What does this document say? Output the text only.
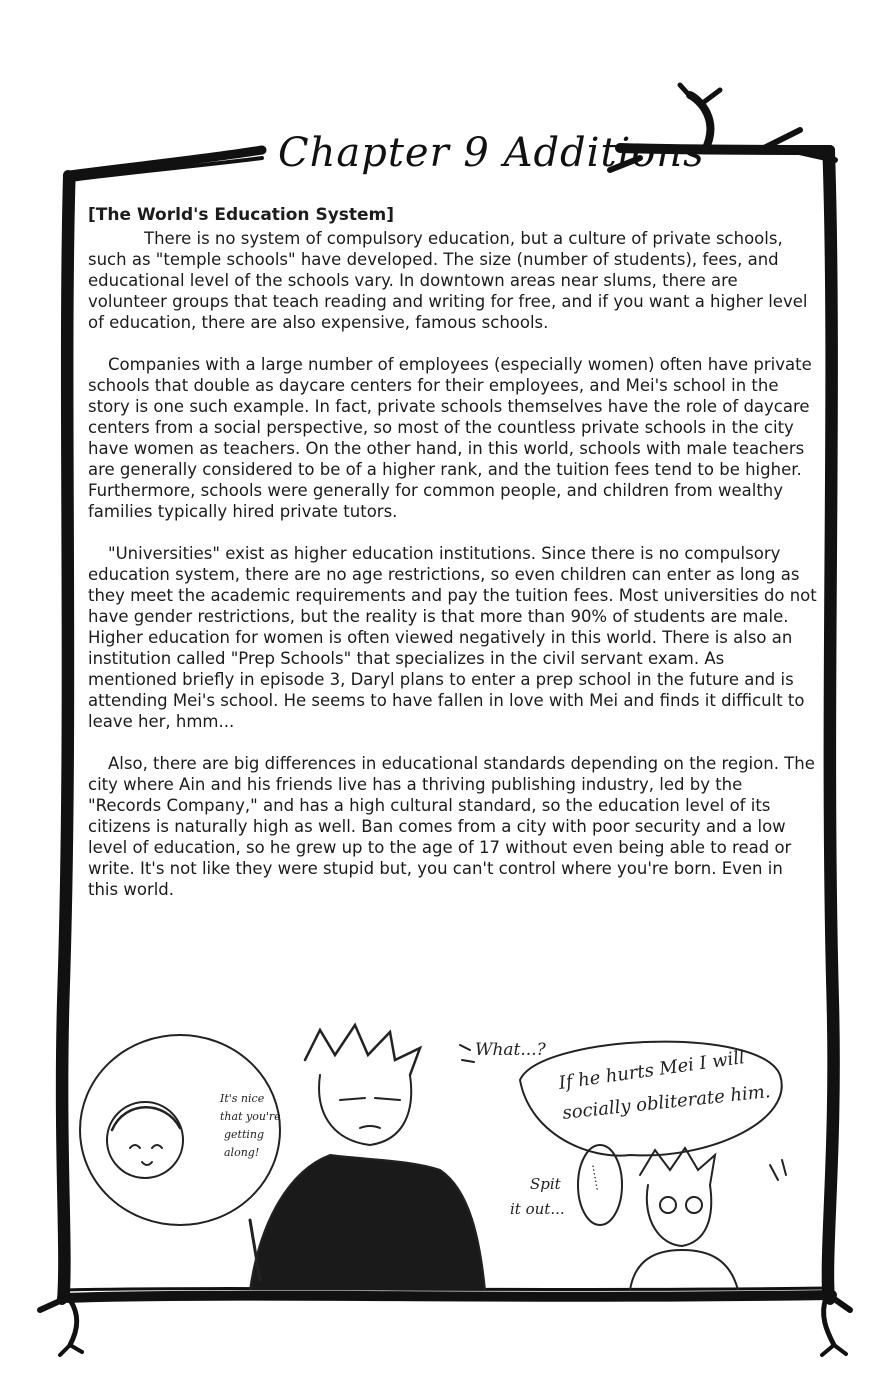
Chapter 9 Additions
[The World's Education System]

There is no system of compulsory education, but a culture of private schools, such as "temple schools" have developed. The size (number of students), fees, and educational level of the schools vary. In downtown areas near slums, there are volunteer groups that teach reading and writing for free, and if you want a higher level of education, there are also expensive, famous schools.

Companies with a large number of employees (especially women) often have private schools that double as daycare centers for their employees, and Mei's school in the story is one such example. In fact, private schools themselves have the role of daycare centers from a social perspective, so most of the countless private schools in the city have women as teachers. On the other hand, in this world, schools with male teachers are generally considered to be of a higher rank, and the tuition fees tend to be higher. Furthermore, schools were generally for common people, and children from wealthy families typically hired private tutors.

"Universities" exist as higher education institutions. Since there is no compulsory education system, there are no age restrictions, so even children can enter as long as they meet the academic requirements and pay the tuition fees. Most universities do not have gender restrictions, but the reality is that more than 90% of students are male. Higher education for women is often viewed negatively in this world. There is also an institution called "Prep Schools" that specializes in the civil servant exam. As mentioned briefly in episode 3, Daryl plans to enter a prep school in the future and is attending Mei's school. He seems to have fallen in love with Mei and finds it difficult to leave her, hmm...

Also, there are big differences in educational standards depending on the region. The city where Ain and his friends live has a thriving publishing industry, led by the "Records Company," and has a high cultural standard, so the education level of its citizens is naturally high as well. Ban comes from a city with poor security and a low level of education, so he grew up to the age of 17 without even being able to read or write. It's not like they were stupid but, you can't control where you're born. Even in this world.

It's nice
that you're
getting
along!
What...? If he hurts Mei I will
socially obliterate him.
Spit
it out...
.......
